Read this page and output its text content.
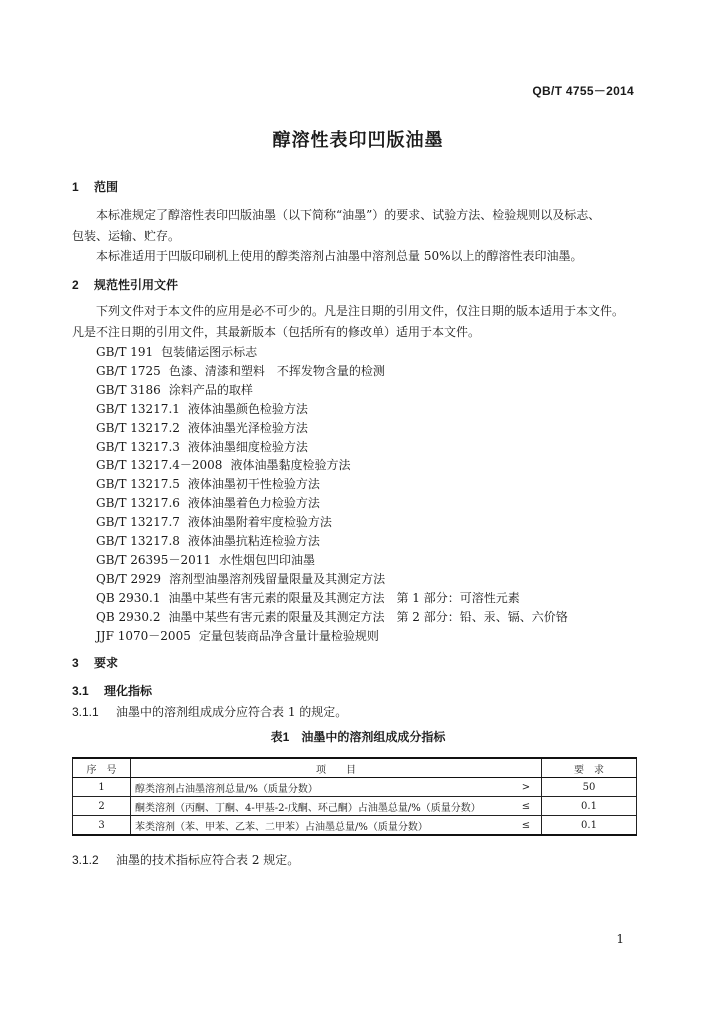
QB/T 4755－2014
醇溶性表印凹版油墨
1 范围
本标准规定了醇溶性表印凹版油墨（以下简称“油墨”）的要求、试验方法、检验规则以及标志、
包装、运输、贮存。
本标准适用于凹版印刷机上使用的醇类溶剂占油墨中溶剂总量 50%以上的醇溶性表印油墨。
2 规范性引用文件
下列文件对于本文件的应用是必不可少的。凡是注日期的引用文件，仅注日期的版本适用于本文件。
凡是不注日期的引用文件，其最新版本（包括所有的修改单）适用于本文件。
GB/T 191 包装储运图示标志
GB/T 1725 色漆、清漆和塑料　不挥发物含量的检测
GB/T 3186 涂料产品的取样
GB/T 13217.1 液体油墨颜色检验方法
GB/T 13217.2 液体油墨光泽检验方法
GB/T 13217.3 液体油墨细度检验方法
GB/T 13217.4－2008 液体油墨黏度检验方法
GB/T 13217.5 液体油墨初干性检验方法
GB/T 13217.6 液体油墨着色力检验方法
GB/T 13217.7 液体油墨附着牢度检验方法
GB/T 13217.8 液体油墨抗粘连检验方法
GB/T 26395－2011 水性烟包凹印油墨
QB/T 2929 溶剂型油墨溶剂残留量限量及其测定方法
QB 2930.1 油墨中某些有害元素的限量及其测定方法　第 1 部分：可溶性元素
QB 2930.2 油墨中某些有害元素的限量及其测定方法　第 2 部分：铅、汞、镉、六价铬
JJF 1070－2005 定量包装商品净含量计量检验规则
3 要求
3.1 理化指标
3.1.1 油墨中的溶剂组成成分应符合表 1 的规定。
表1　油墨中的溶剂组成成分指标
序　号	项　　目		要　求
1	醇类溶剂占油墨溶剂总量/%（质量分数）	>	50
2	酮类溶剂（丙酮、丁酮、4-甲基-2-戊酮、环己酮）占油墨总量/%（质量分数）	≤	0.1
3	苯类溶剂（苯、甲苯、乙苯、二甲苯）占油墨总量/%（质量分数）	≤	0.1
3.1.2 油墨的技术指标应符合表 2 规定。
1
